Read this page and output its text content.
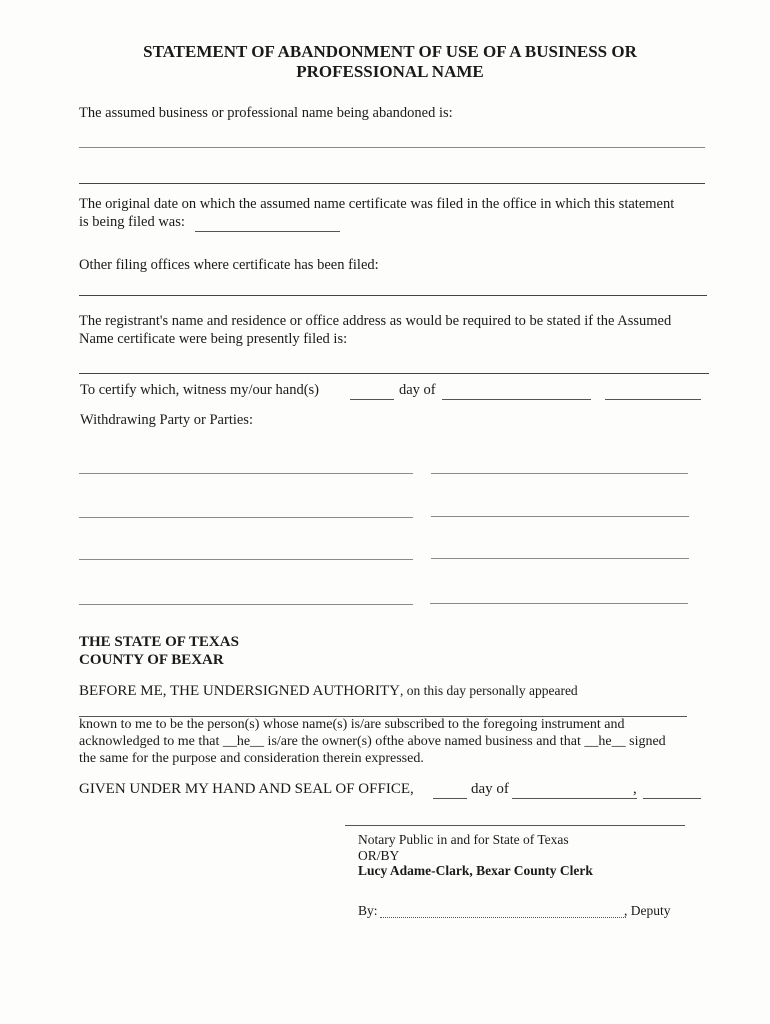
STATEMENT OF ABANDONMENT OF USE OF A BUSINESS OR
PROFESSIONAL NAME
The assumed business or professional name being abandoned is:
The original date on which the assumed name certificate was filed in the office in which this statement
is being filed was:
Other filing offices where certificate has been filed:
The registrant's name and residence or office address as would be required to be stated if the Assumed
Name certificate were being presently filed is:
To certify which, witness my/our hand(s)	day of
Withdrawing Party or Parties:
THE STATE OF TEXAS
COUNTY OF BEXAR
BEFORE ME, THE UNDERSIGNED AUTHORITY, on this day personally appeared
known to me to be the person(s) whose name(s) is/are subscribed to the foregoing instrument and
acknowledged to me that __he__ is/are the owner(s) ofthe above named business and that __he__ signed
the same for the purpose and consideration therein expressed.
GIVEN UNDER MY HAND AND SEAL OF OFFICE,	day of	,
Notary Public in and for State of Texas
OR/BY
Lucy Adame-Clark, Bexar County Clerk
By:	, Deputy
